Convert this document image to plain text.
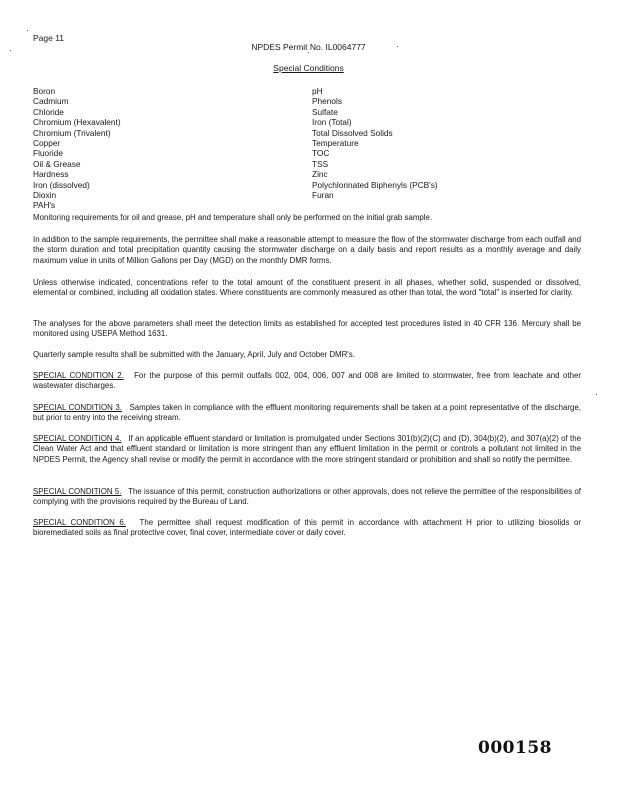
Page 11
NPDES Permit No. IL0064777
Special Conditions
Boron
Cadmium
Chloride
Chromium (Hexavalent)
Chromium (Trivalent)
Copper
Fluoride
Oil & Grease
Hardness
Iron (dissolved)
Dioxin
PAH's
pH
Phenols
Sulfate
Iron (Total)
Total Dissolved Solids
Temperature
TOC
TSS
Zinc
Polychlorinated Biphenyls (PCB's)
Furan

Monitoring requirements for oil and grease, pH and temperature shall only be performed on the initial grab sample.

In addition to the sample requirements, the permittee shall make a reasonable attempt to measure the flow of the stormwater discharge from each outfall and the storm duration and total precipitation quantity causing the stormwater discharge on a daily basis and report results as a monthly average and daily maximum value in units of Million Gallons per Day (MGD) on the monthly DMR forms.

Unless otherwise indicated, concentrations refer to the total amount of the constituent present in all phases, whether solid, suspended or dissolved, elemental or combined, including all oxidation states. Where constituents are commonly measured as other than total, the word "total" is inserted for clarity.

The analyses for the above parameters shall meet the detection limits as established for accepted test procedures listed in 40 CFR 136. Mercury shall be monitored using USEPA Method 1631.

Quarterly sample results shall be submitted with the January, April, July and October DMR's.

SPECIAL CONDITION 2. For the purpose of this permit outfalls 002, 004, 006, 007 and 008 are limited to stormwater, free from leachate and other wastewater discharges.

SPECIAL CONDITION 3. Samples taken in compliance with the effluent monitoring requirements shall be taken at a point representative of the discharge, but prior to entry into the receiving stream.

SPECIAL CONDITION 4. If an applicable effluent standard or limitation is promulgated under Sections 301(b)(2)(C) and (D), 304(b)(2), and 307(a)(2) of the Clean Water Act and that effluent standard or limitation is more stringent than any effluent limitation in the permit or controls a pollutant not limited in the NPDES Permit, the Agency shall revise or modify the permit in accordance with the more stringent standard or prohibition and shall so notify the permittee.

SPECIAL CONDITION 5. The issuance of this permit, construction authorizations or other approvals, does not relieve the permittee of the responsibilities of complying with the provisions required by the Bureau of Land.

SPECIAL CONDITION 6. The permittee shall request modification of this permit in accordance with attachment H prior to utilizing biosolids or bioremediated soils as final protective cover, final cover, intermediate cover or daily cover.

000158
